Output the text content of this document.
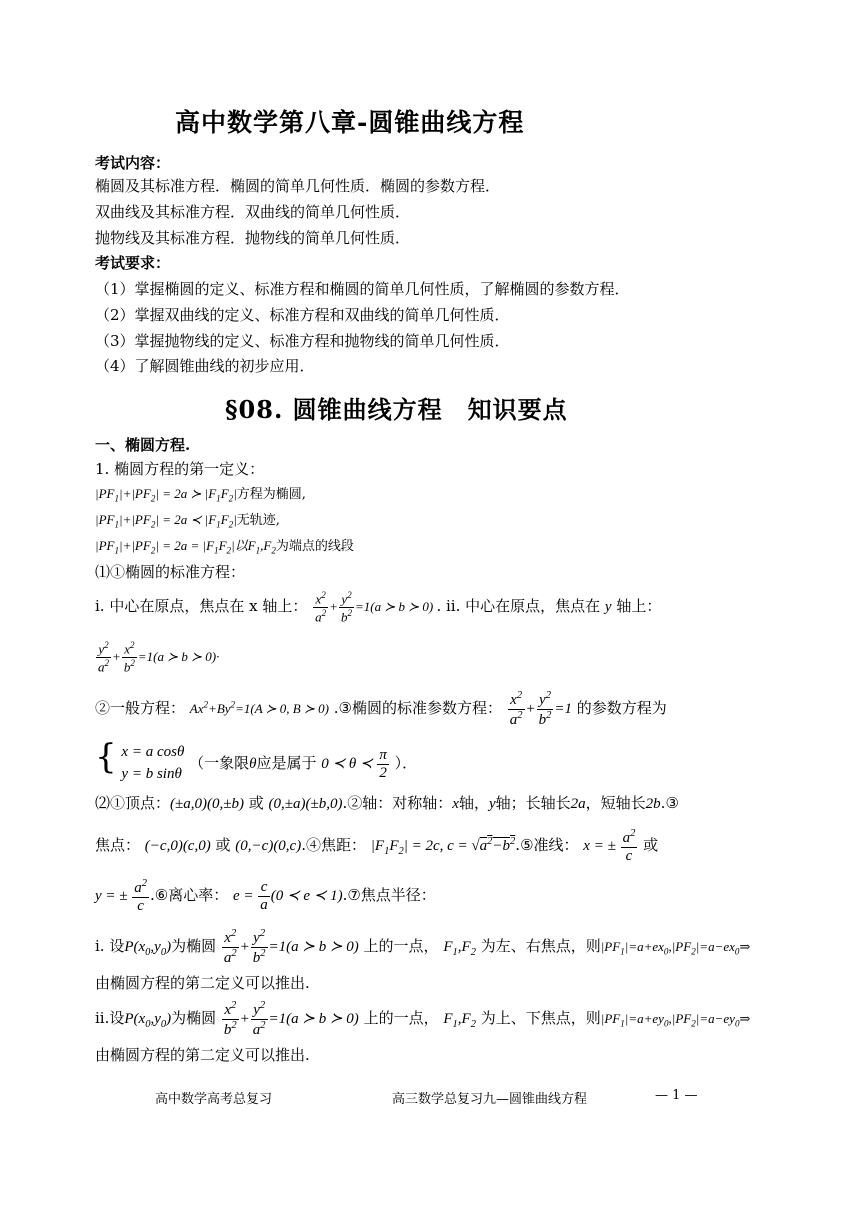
高中数学第八章-圆锥曲线方程
考试内容：
椭圆及其标准方程．椭圆的简单几何性质．椭圆的参数方程．
双曲线及其标准方程．双曲线的简单几何性质．
抛物线及其标准方程．抛物线的简单几何性质．
考试要求：
（1）掌握椭圆的定义、标准方程和椭圆的简单几何性质，了解椭圆的参数方程．
（2）掌握双曲线的定义、标准方程和双曲线的简单几何性质．
（3）掌握抛物线的定义、标准方程和抛物线的简单几何性质．
（4）了解圆锥曲线的初步应用．
§08. 圆锥曲线方程　知识要点
一、椭圆方程.
1. 椭圆方程的第一定义：
$|PF_1|+|PF_2| = 2a$ ≻ $|F_1F_2|$方程为椭圆,
$|PF_1|+|PF_2| = 2a$ ≺ $|F_1F_2|$无轨迹,
$|PF_1|+|PF_2| = 2a = |F_1F_2|$以$F_1,F_2$为端点的线段
⑴①椭圆的标准方程：
i. 中心在原点，焦点在 x 轴上： $\frac{x^2}{a^2} + \frac{y^2}{b^2} =1(a$ ≻ b ≻ 0) . ii. 中心在原点，焦点在 y 轴上：
$\frac{y^2}{a^2} + \frac{x^2}{b^2} =1(a$ ≻ b ≻ 0)·
②一般方程： $Ax^2+By^2=1(A$ ≻ 0, B ≻ 0) .③椭圆的标准参数方程： $\frac{x^2}{a^2} + \frac{y^2}{b^2} =1$ 的参数方程为
{ x = a cosθ
y = b sinθ （一象限θ应是属于 0 ≺ θ ≺ $\frac{\pi}{2}$ ）．
⑵①顶点：(±a,0)(0,±b) 或 (0,±a)(±b,0).②轴：对称轴：x轴，y轴；长轴长2a，短轴长2b.③
焦点： (−c,0)(c,0) 或 (0,−c)(0,c).④焦距： $|F_1F_2| = 2c$, $c = √a^2-b^2.⑤$准线： x = ± $\frac{a^2}{c}$ 或
y = ± $\frac{a^2}{c}$ .⑥离心率： $e = \frac{c}{a} (0$ ≺ e ≺ 1).⑦焦点半径：
i. 设$P(x_0,y_0)$为椭圆 $\frac{x^2}{a^2} + \frac{y^2}{b^2} =1(a$ ≻ b ≻ 0) 上的一点， $F_1,F_2$ 为左、右焦点，则$|PF_1|=a+ex_0,|PF_2|=a-ex_0\Rightarrow$
由椭圆方程的第二定义可以推出.
ii.设$P(x_0,y_0)$为椭圆 $\frac{x^2}{b^2} + \frac{y^2}{a^2} =1(a$ ≻ b ≻ 0) 上的一点， $F_1,F_2$ 为上、下焦点，则$|PF_1|=a+ey_0,|PF_2|=a-ey_0\Rightarrow$
由椭圆方程的第二定义可以推出.
高中数学高考总复习	高三数学总复习九—圆锥曲线方程	— 1 —
